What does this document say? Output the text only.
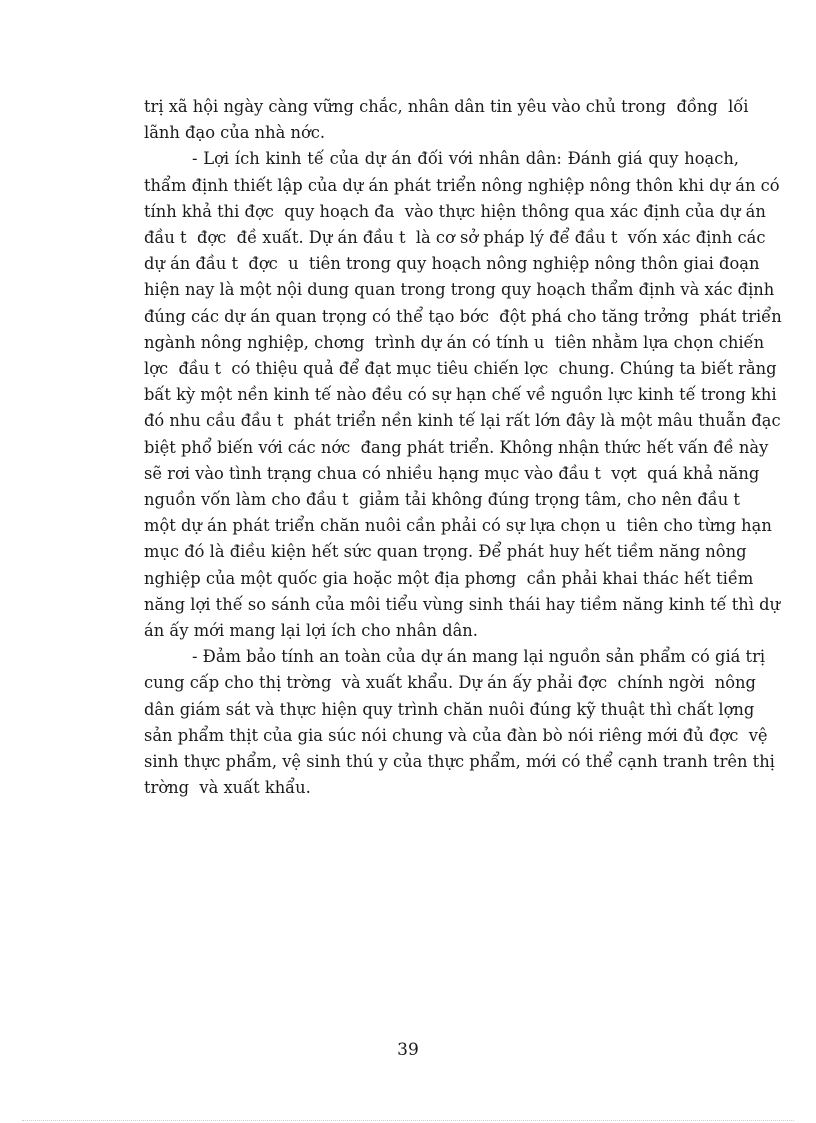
trị xã hội ngày càng vững chắc, nhân dân tin yêu vào chủ trong  đồng  lối
lãnh đạo của nhà nớc.
- Lợi ích kinh tế của dự án đối với nhân dân: Đánh giá quy hoạch,
thẩm định thiết lập của dự án phát triển nông nghiệp nông thôn khi dự án có
tính khả thi đợc  quy hoạch đa  vào thực hiện thông qua xác định của dự án
đầu t  đợc  đề xuất. Dự án đầu t  là cơ sở pháp lý để đầu t  vốn xác định các
dự án đầu t  đợc  u  tiên trong quy hoạch nông nghiệp nông thôn giai đoạn
hiện nay là một nội dung quan trong trong quy hoạch thẩm định và xác định
đúng các dự án quan trọng có thể tạo bớc  đột phá cho tăng trởng  phát triển
ngành nông nghiệp, chơng  trình dự án có tính u  tiên nhằm lựa chọn chiến
lợc  đầu t  có thiệu quả để đạt mục tiêu chiến lợc  chung. Chúng ta biết rằng
bất kỳ một nền kinh tế nào đều có sự hạn chế về nguồn lực kinh tế trong khi
đó nhu cầu đầu t  phát triển nền kinh tế lại rất lớn đây là một mâu thuẫn đạc
biệt phổ biến với các nớc  đang phát triển. Không nhận thức hết vấn đề này
sẽ rơi vào tình trạng chua có nhiều hạng mục vào đầu t  vợt  quá khả năng
nguồn vốn làm cho đầu t  giảm tải không đúng trọng tâm, cho nên đầu t
một dự án phát triển chăn nuôi cần phải có sự lựa chọn u  tiên cho từng hạn
mục đó là điều kiện hết sức quan trọng. Để phát huy hết tiềm năng nông
nghiệp của một quốc gia hoặc một địa phơng  cần phải khai thác hết tiềm
năng lợi thế so sánh của môi tiểu vùng sinh thái hay tiềm năng kinh tế thì dự
án ấy mới mang lại lợi ích cho nhân dân.
- Đảm bảo tính an toàn của dự án mang lại nguồn sản phẩm có giá trị
cung cấp cho thị trờng  và xuất khẩu. Dự án ấy phải đợc  chính ngời  nông
dân giám sát và thực hiện quy trình chăn nuôi đúng kỹ thuật thì chất lợng
sản phẩm thịt của gia súc nói chung và của đàn bò nói riêng mới đủ đợc  vệ
sinh thực phẩm, vệ sinh thú y của thực phẩm, mới có thể cạnh tranh trên thị
trờng  và xuất khẩu.
39
